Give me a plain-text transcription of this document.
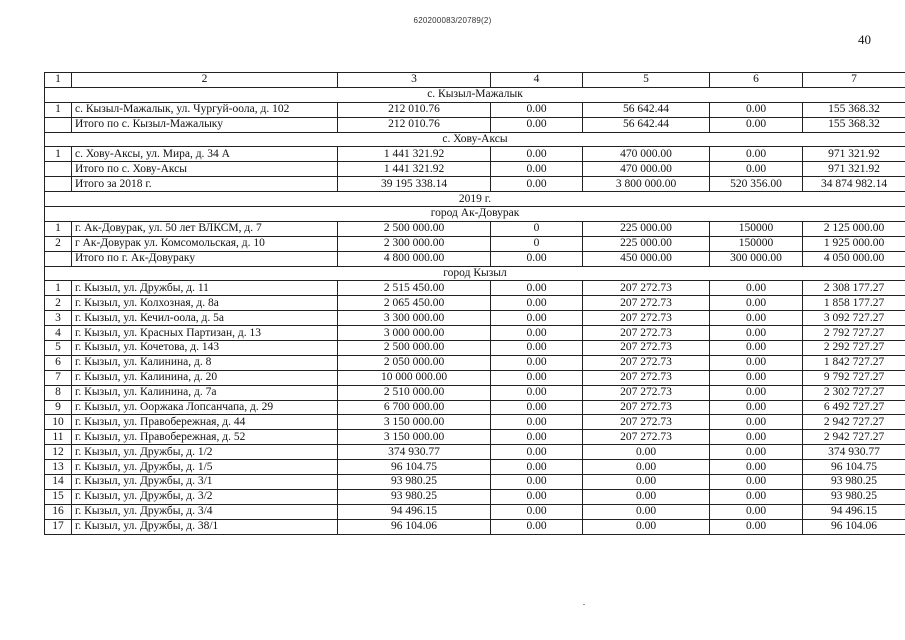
620200083/20789(2)
40
1	2	3	4	5	6	7
с. Кызыл-Мажалык						
1	с. Кызыл-Мажалык, ул. Чургуй-оола, д. 102	212 010.76	0.00	56 642.44	0.00	155 368.32
	Итого по с. Кызыл-Мажалыку	212 010.76	0.00	56 642.44	0.00	155 368.32
с. Хову-Аксы						
1	с. Хову-Аксы, ул. Мира, д. 34 А	1 441 321.92	0.00	470 000.00	0.00	971 321.92
	Итого по с. Хову-Аксы	1 441 321.92	0.00	470 000.00	0.00	971 321.92
	Итого за 2018 г.	39 195 338.14	0.00	3 800 000.00	520 356.00	34 874 982.14
2019 г.						
город Ак-Довурак						
1	г. Ак-Довурак, ул. 50 лет ВЛКСМ, д. 7	2 500 000.00	0	225 000.00	150000	2 125 000.00
2	г Ак-Довурак ул. Комсомольская, д. 10	2 300 000.00	0	225 000.00	150000	1 925 000.00
	Итого по г. Ак-Довураку	4 800 000.00	0.00	450 000.00	300 000.00	4 050 000.00
город Кызыл						
1	г. Кызыл, ул. Дружбы, д. 11	2 515 450.00	0.00	207 272.73	0.00	2 308 177.27
2	г. Кызыл, ул. Колхозная, д. 8а	2 065 450.00	0.00	207 272.73	0.00	1 858 177.27
3	г. Кызыл, ул. Кечил-оола, д. 5а	3 300 000.00	0.00	207 272.73	0.00	3 092 727.27
4	г. Кызыл, ул. Красных Партизан, д. 13	3 000 000.00	0.00	207 272.73	0.00	2 792 727.27
5	г. Кызыл, ул. Кочетова, д. 143	2 500 000.00	0.00	207 272.73	0.00	2 292 727.27
6	г. Кызыл, ул. Калинина, д. 8	2 050 000.00	0.00	207 272.73	0.00	1 842 727.27
7	г. Кызыл, ул. Калинина, д. 20	10 000 000.00	0.00	207 272.73	0.00	9 792 727.27
8	г. Кызыл, ул. Калинина, д. 7а	2 510 000.00	0.00	207 272.73	0.00	2 302 727.27
9	г. Кызыл, ул. Ооржака Лопсанчапа, д. 29	6 700 000.00	0.00	207 272.73	0.00	6 492 727.27
10	г. Кызыл, ул. Правобережная, д. 44	3 150 000.00	0.00	207 272.73	0.00	2 942 727.27
11	г. Кызыл, ул. Правобережная, д. 52	3 150 000.00	0.00	207 272.73	0.00	2 942 727.27
12	г. Кызыл, ул. Дружбы, д. 1/2	374 930.77	0.00	0.00	0.00	374 930.77
13	г. Кызыл, ул. Дружбы, д. 1/5	96 104.75	0.00	0.00	0.00	96 104.75
14	г. Кызыл, ул. Дружбы, д. 3/1	93 980.25	0.00	0.00	0.00	93 980.25
15	г. Кызыл, ул. Дружбы, д. 3/2	93 980.25	0.00	0.00	0.00	93 980.25
16	г. Кызыл, ул. Дружбы, д. 3/4	94 496.15	0.00	0.00	0.00	94 496.15
17	г. Кызыл, ул. Дружбы, д. 38/1	96 104.06	0.00	0.00	0.00	96 104.06
